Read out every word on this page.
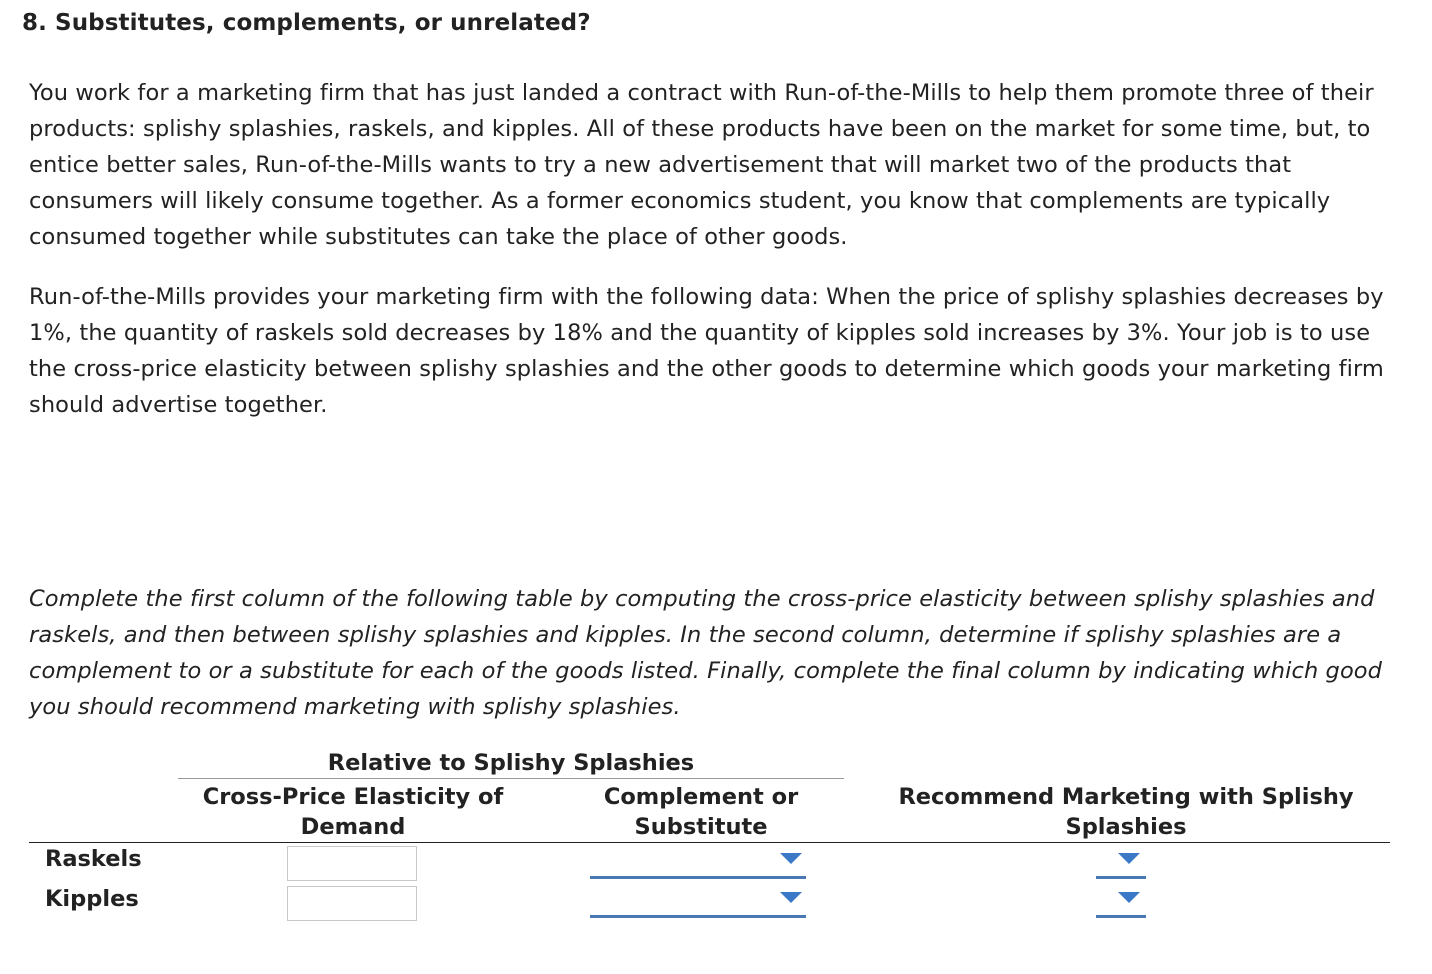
8. Substitutes, complements, or unrelated?

You work for a marketing firm that has just landed a contract with Run-of-the-Mills to help them promote three of their products: splishy splashies, raskels, and kipples. All of these products have been on the market for some time, but, to entice better sales, Run-of-the-Mills wants to try a new advertisement that will market two of the products that consumers will likely consume together. As a former economics student, you know that complements are typically consumed together while substitutes can take the place of other goods.

Run-of-the-Mills provides your marketing firm with the following data: When the price of splishy splashies decreases by 1%, the quantity of raskels sold decreases by 18% and the quantity of kipples sold increases by 3%. Your job is to use the cross-price elasticity between splishy splashies and the other goods to determine which goods your marketing firm should advertise together.

Complete the first column of the following table by computing the cross-price elasticity between splishy splashies and raskels, and then between splishy splashies and kipples. In the second column, determine if splishy splashies are a complement to or a substitute for each of the goods listed. Finally, complete the final column by indicating which good you should recommend marketing with splishy splashies.

Relative to Splishy Splashies
Cross-Price Elasticity of Demand
Complement or Substitute
Recommend Marketing with Splishy Splashies
Raskels
Kipples
